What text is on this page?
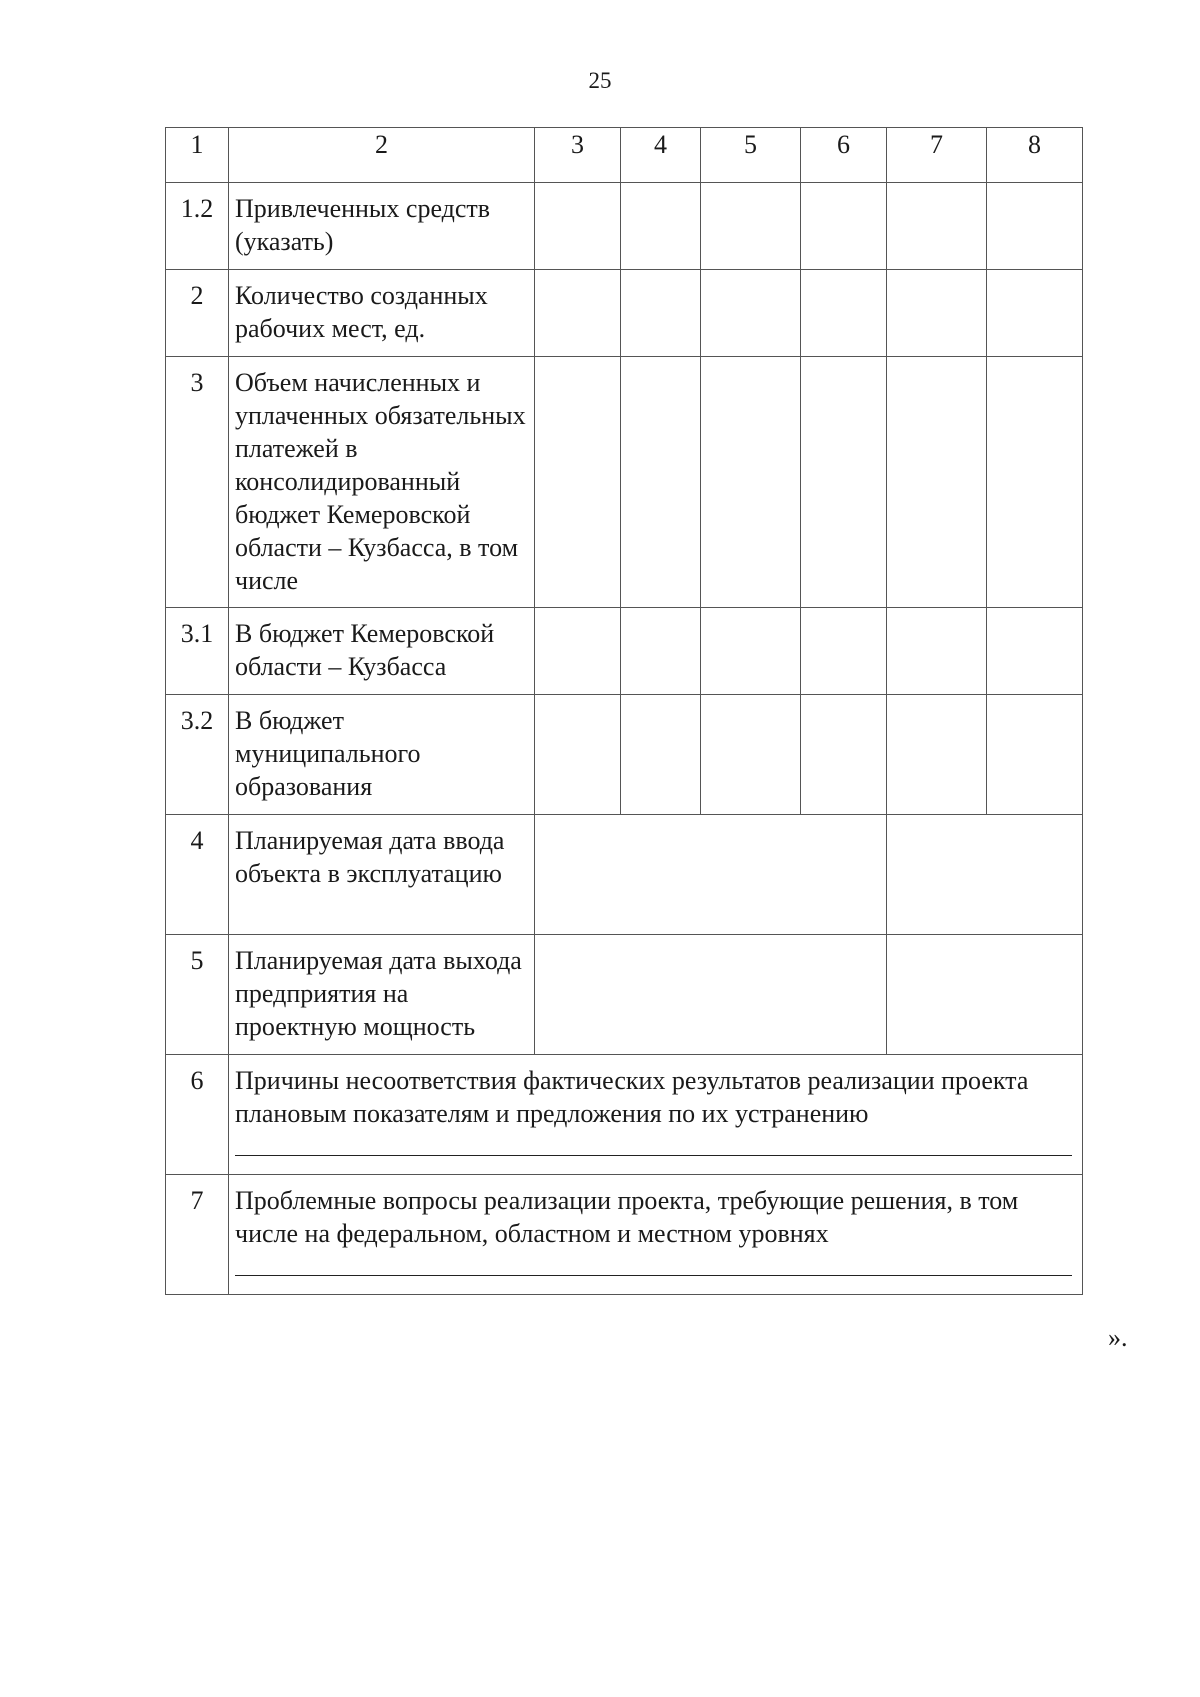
25
1	2	3	4	5	6	7	8
1.2	Привлеченных средств (указать)						
2	Количество созданных рабочих мест, ед.						
3	Объем начисленных и уплаченных обязательных платежей в консолидированный бюджет Кемеровской области – Кузбасса, в том числе						
3.1	В бюджет Кемеровской области – Кузбасса						
3.2	В бюджет муниципального образования						
4	Планируемая дата ввода объекта в эксплуатацию						
5	Планируемая дата выхода предприятия на проектную мощность						
6	Причины несоответствия фактических результатов реализации проекта плановым показателям и предложения по их устранению						

7	Проблемные вопросы реализации проекта, требующие решения, в том числе на федеральном, областном и местном уровнях						
».
